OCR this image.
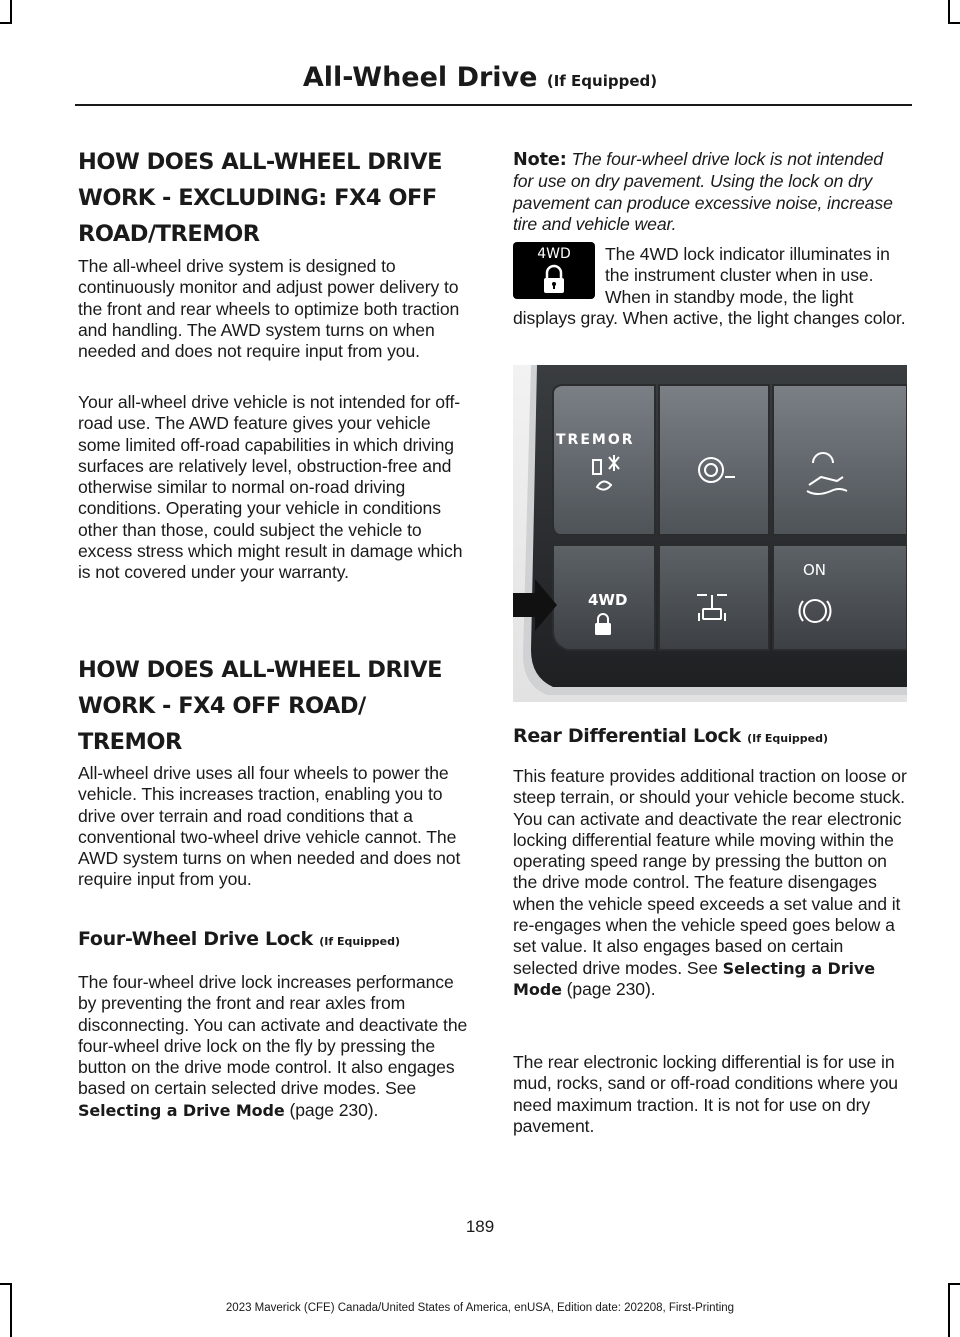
All-Wheel Drive (If Equipped)
HOW DOES ALL-WHEEL DRIVE
WORK - EXCLUDING: FX4 OFF
ROAD/TREMOR

The all-wheel drive system is designed to continuously monitor and adjust power delivery to the front and rear wheels to optimize both traction and handling. The AWD system turns on when needed and does not require input from you.

Your all-wheel drive vehicle is not intended for off-road use. The AWD feature gives your vehicle some limited off-road capabilities in which driving surfaces are relatively level, obstruction-free and otherwise similar to normal on-road driving conditions. Operating your vehicle in conditions other than those, could subject the vehicle to excess stress which might result in damage which is not covered under your warranty.

HOW DOES ALL-WHEEL DRIVE
WORK - FX4 OFF ROAD/
TREMOR

All-wheel drive uses all four wheels to power the vehicle. This increases traction, enabling you to drive over terrain and road conditions that a conventional two-wheel drive vehicle cannot. The AWD system turns on when needed and does not require input from you.

Four-Wheel Drive Lock (If Equipped)

The four-wheel drive lock increases performance by preventing the front and rear axles from disconnecting. You can activate and deactivate the four-wheel drive lock on the fly by pressing the button on the drive mode control. It also engages based on certain selected drive modes. See Selecting a Drive Mode (page 230).

Note: The four-wheel drive lock is not intended for use on dry pavement. Using the lock on dry pavement can produce excessive noise, increase tire and vehicle wear.

The 4WD lock indicator illuminates in the instrument cluster when in use. When in standby mode, the light displays gray. When active, the light changes color.

4WD
TREMOR
4WD
ON
Rear Differential Lock (If Equipped)

This feature provides additional traction on loose or steep terrain, or should your vehicle become stuck. You can activate and deactivate the rear electronic locking differential feature while moving within the operating speed range by pressing the button on the drive mode control. The feature disengages when the vehicle speed exceeds a set value and it re-engages when the vehicle speed goes below a set value. It also engages based on certain selected drive modes. See Selecting a Drive Mode (page 230).

The rear electronic locking differential is for use in mud, rocks, sand or off-road conditions where you need maximum traction. It is not for use on dry pavement.

189
2023 Maverick (CFE) Canada/United States of America, enUSA, Edition date: 202208, First-Printing
